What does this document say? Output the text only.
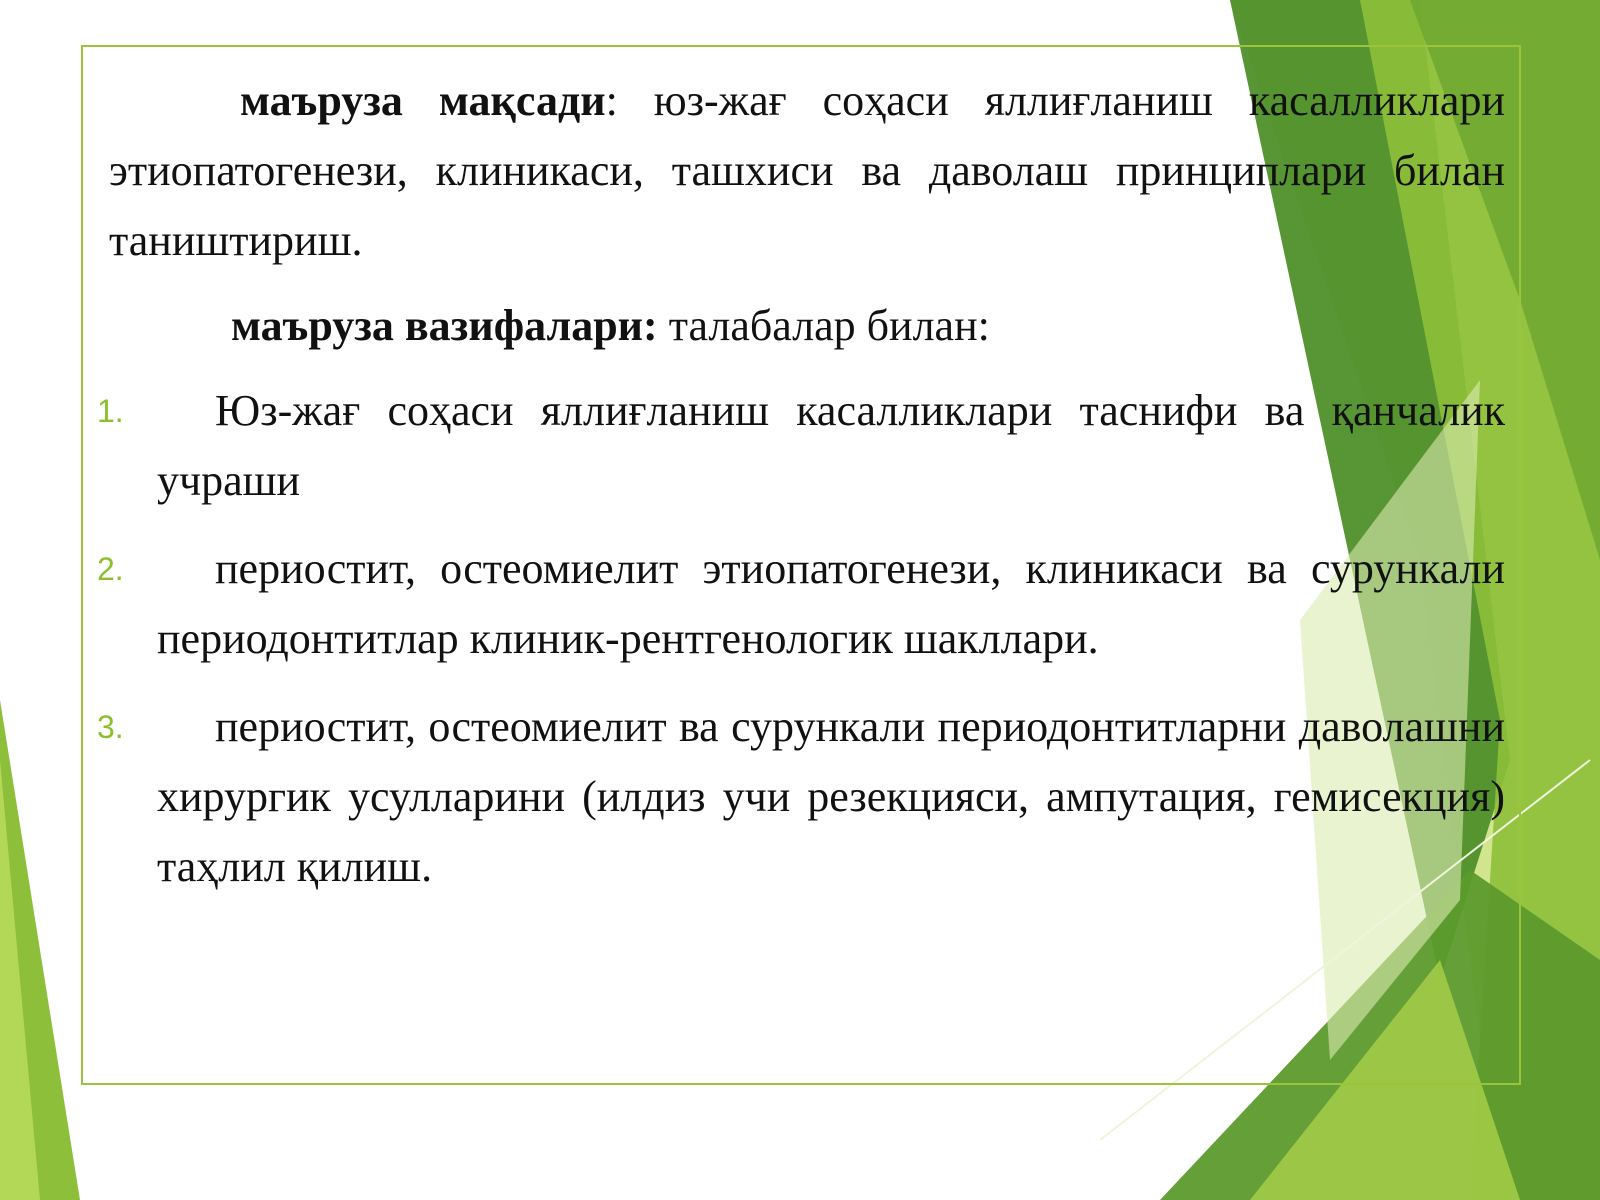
маъруза мақсади: юз-жағ соҳаси яллиғланиш касалликлари этиопатогенези, клиникаси, ташхиси ва даволаш принциплари билан таништириш.

маъруза вазифалари: талабалар билан:

1. Юз-жағ соҳаси яллиғланиш касалликлари таснифи ва қанчалик учраши
2. периостит, остеомиелит этиопатогенези, клиникаси ва сурункали периодонтитлар клиник-рентгенологик шакллари.
3. периостит, остеомиелит ва сурункали периодонтитларни даволашни хирургик усулларини (илдиз учи резекцияси, ампутация, гемисекция) таҳлил қилиш.
